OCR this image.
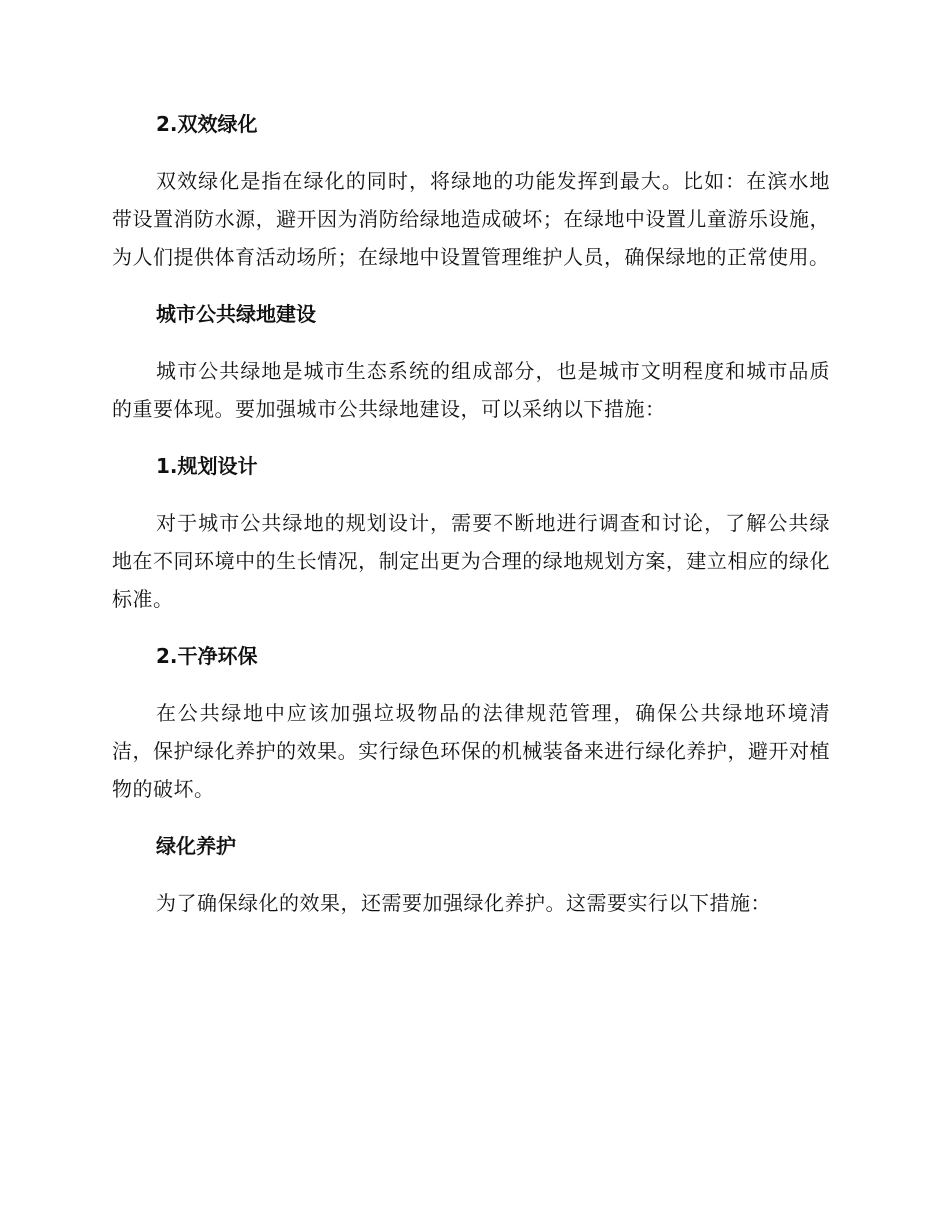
2.双效绿化

双效绿化是指在绿化的同时，将绿地的功能发挥到最大。比如：在滨水地带设置消防水源，避开因为消防给绿地造成破坏；在绿地中设置儿童游乐设施，为人们提供体育活动场所；在绿地中设置管理维护人员，确保绿地的正常使用。

城市公共绿地建设

城市公共绿地是城市生态系统的组成部分，也是城市文明程度和城市品质的重要体现。要加强城市公共绿地建设，可以采纳以下措施：

1.规划设计

对于城市公共绿地的规划设计，需要不断地进行调查和讨论，了解公共绿地在不同环境中的生长情况，制定出更为合理的绿地规划方案，建立相应的绿化标准。

2.干净环保

在公共绿地中应该加强垃圾物品的法律规范管理，确保公共绿地环境清洁，保护绿化养护的效果。实行绿色环保的机械装备来进行绿化养护，避开对植物的破坏。

绿化养护

为了确保绿化的效果，还需要加强绿化养护。这需要实行以下措施：
